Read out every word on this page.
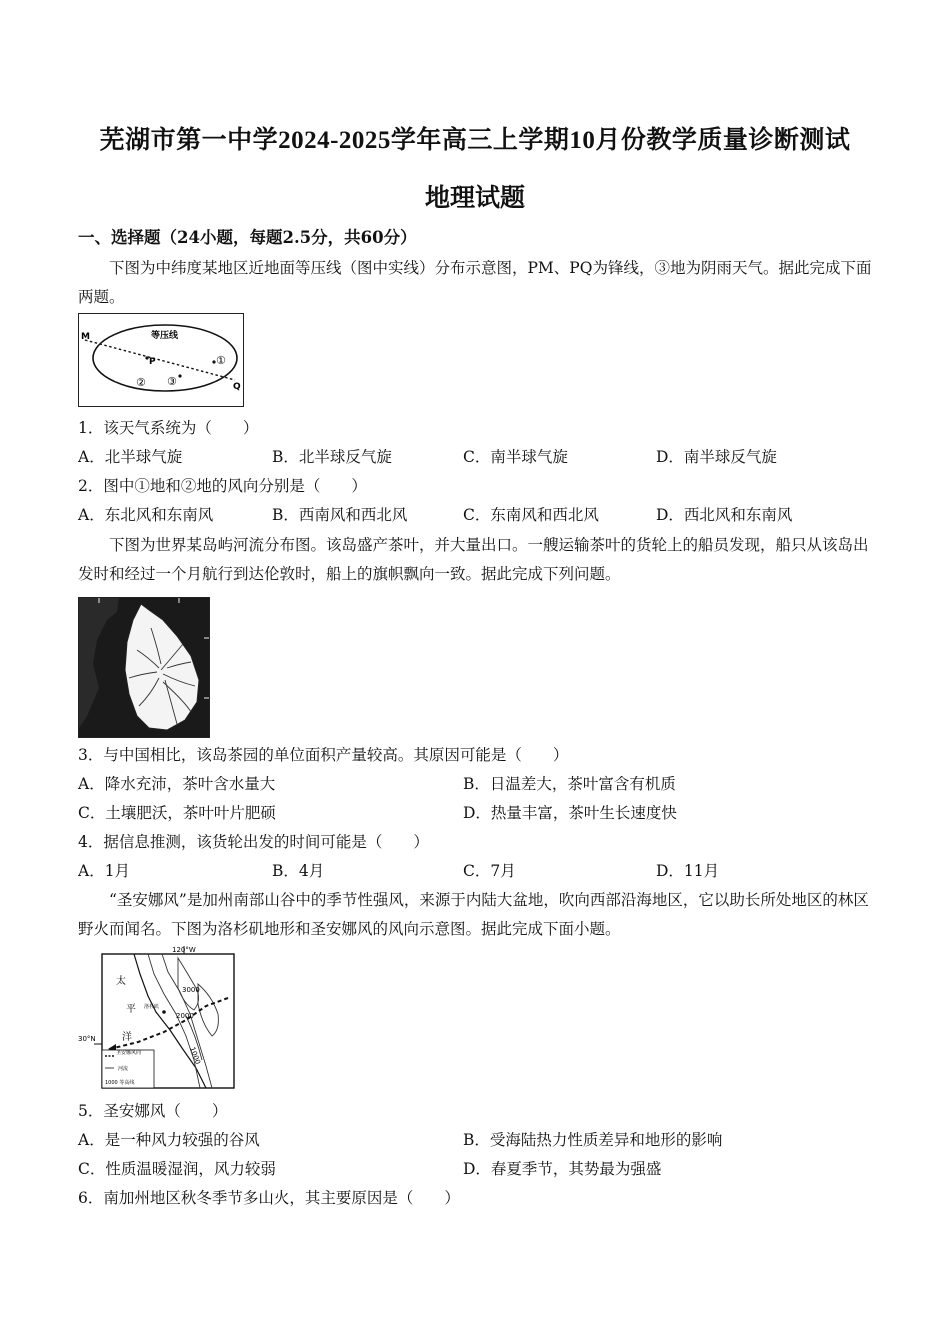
芜湖市第一中学2024-2025学年高三上学期10月份教学质量诊断测试
地理试题
一、选择题（24小题，每题2.5分，共60分）
下图为中纬度某地区近地面等压线（图中实线）分布示意图，PM、PQ为锋线，③地为阴雨天气。据此完成下面两题。
M
P
Q
等压线
①
② ③
1．该天气系统为（　　）
A．北半球气旋	B．北半球反气旋	C．南半球气旋	D．南半球反气旋
2．图中①地和②地的风向分别是（　　）
A．东北风和东南风	B．西南风和西北风	C．东南风和西北风	D．西北风和东南风
下图为世界某岛屿河流分布图。该岛盛产茶叶，并大量出口。一艘运输茶叶的货轮上的船员发现，船只从该岛出发时和经过一个月航行到达伦敦时，船上的旗帜飘向一致。据此完成下列问题。
3．与中国相比，该岛茶园的单位面积产量较高。其原因可能是（　　）
A．降水充沛，茶叶含水量大	B．日温差大，茶叶富含有机质
C．土壤肥沃，茶叶叶片肥硕	D．热量丰富，茶叶生长速度快
4．据信息推测，该货轮出发的时间可能是（　　）
A．1月	B．4月	C．7月	D．11月
“圣安娜风”是加州南部山谷中的季节性强风，来源于内陆大盆地，吹向西部沿海地区，它以助长所处地区的林区野火而闻名。下图为洛杉矶地形和圣安娜风的风向示意图。据此完成下面小题。
120°W
30°N
太
平
洋
洛杉矶
3000
2000
1000
圣安娜风向
河流
1000 等高线
5．圣安娜风（　　）
A．是一种风力较强的谷风	B．受海陆热力性质差异和地形的影响
C．性质温暖湿润，风力较弱	D．春夏季节，其势最为强盛
6．南加州地区秋冬季节多山火，其主要原因是（　　）
